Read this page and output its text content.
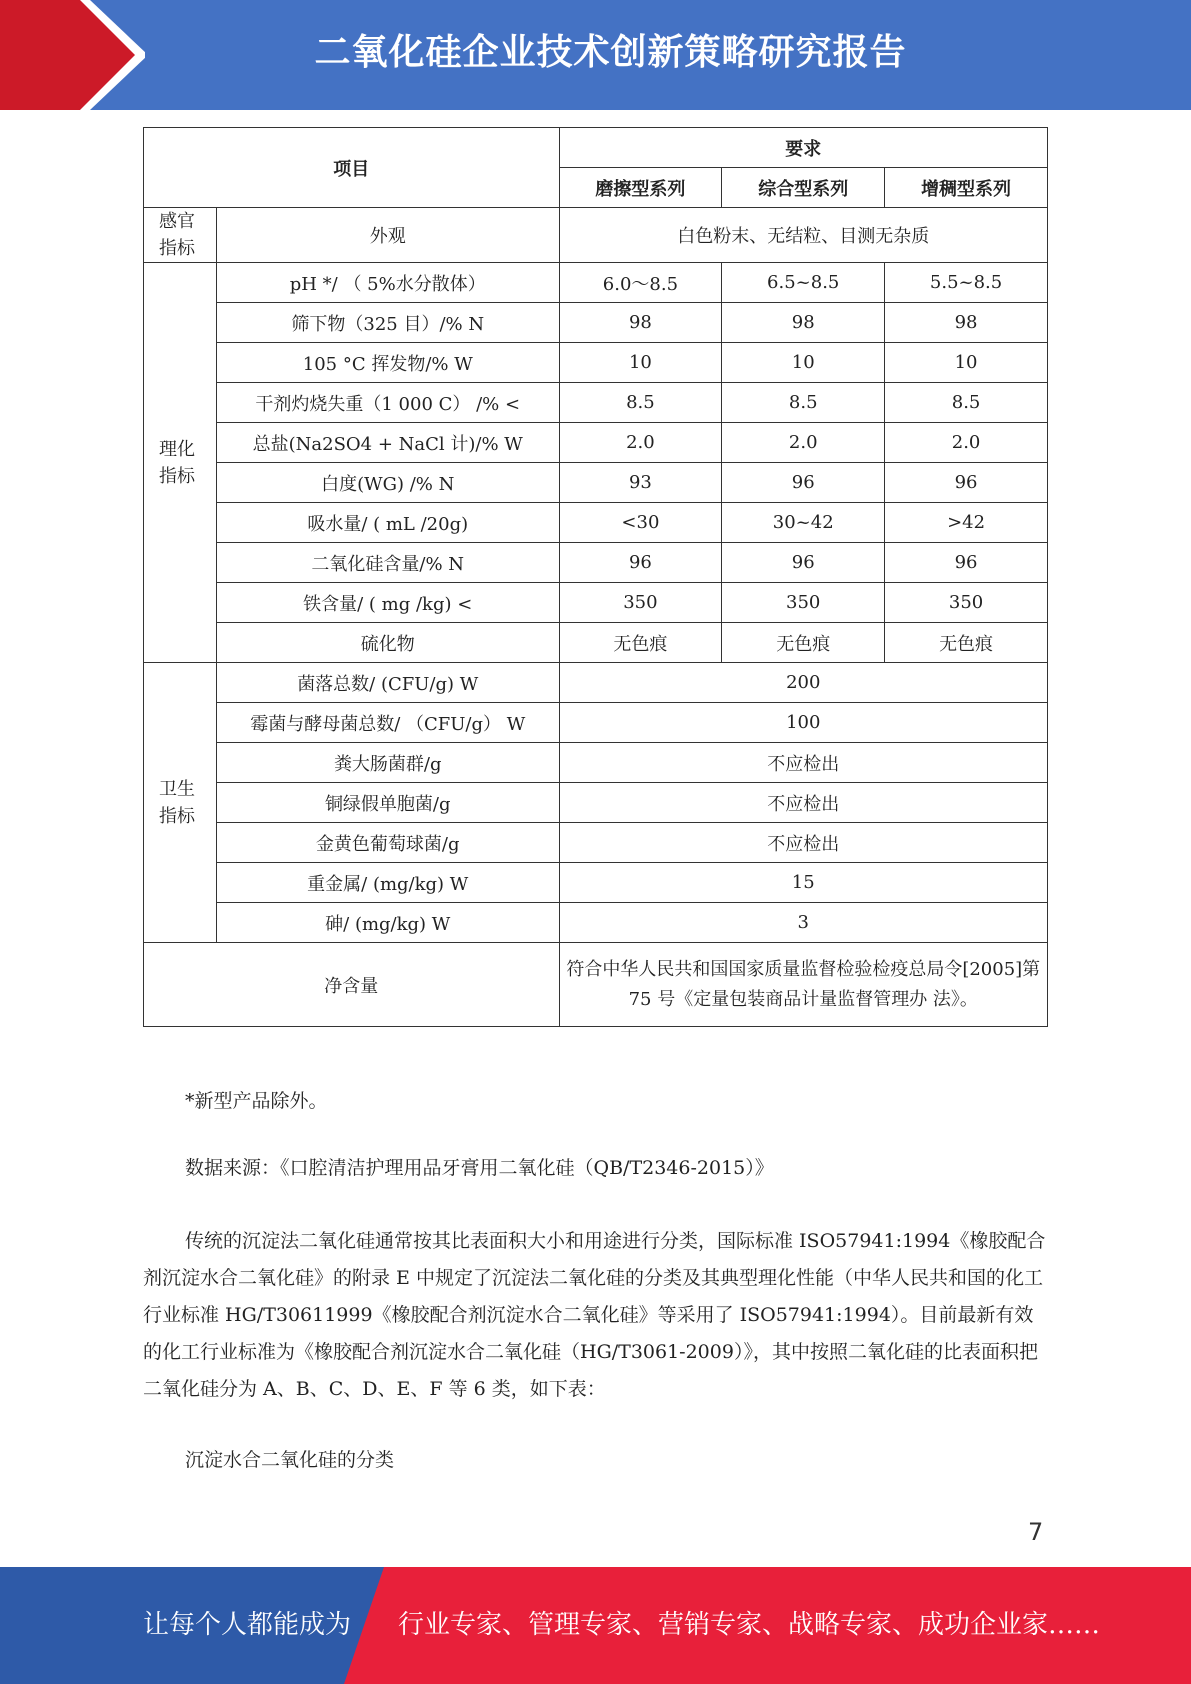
二氧化硅企业技术创新策略研究报告
项目		要求		
		磨擦型系列	综合型系列	增稠型系列
感官指标	外观	白色粉末、无结粒、目测无杂质		
理化指标	pH */ （ 5%水分散体）	6.0～8.5	6.5~8.5	5.5~8.5
	筛下物（325 目）/% N	98	98	98
	105 °C 挥发物/% W	10	10	10
	干剂灼烧失重（1 000 C） /% <	8.5	8.5	8.5
	总盐(Na2SO4 + NaCl 计)/% W	2.0	2.0	2.0
	白度(WG) /% N	93	96	96
	吸水量/ ( mL /20g)	<30	30~42	>42
	二氧化硅含量/% N	96	96	96
	铁含量/ ( mg /kg) <	350	350	350
	硫化物	无色痕	无色痕	无色痕
卫生指标	菌落总数/ (CFU/g) W	200		
	霉菌与酵母菌总数/ （CFU/g） W	100		
	粪大肠菌群/g	不应检出		
	铜绿假单胞菌/g	不应检出		
	金黄色葡萄球菌/g	不应检出		
	重金属/ (mg/kg) W	15		
	砷/ (mg/kg) W	3		
净含量		符合中华人民共和国国家质量监督检验检疫总局令[2005]第 75 号《定量包装商品计量监督管理办 法》。		
*新型产品除外。
数据来源：《口腔清洁护理用品牙膏用二氧化硅（QB/T2346-2015）》
传统的沉淀法二氧化硅通常按其比表面积大小和用途进行分类，国际标准 ISO57941:1994《橡胶配合剂沉淀水合二氧化硅》的附录 E 中规定了沉淀法二氧化硅的分类及其典型理化性能（中华人民共和国的化工行业标准 HG/T30611999《橡胶配合剂沉淀水合二氧化硅》等采用了 ISO57941:1994）。目前最新有效的化工行业标准为《橡胶配合剂沉淀水合二氧化硅（HG/T3061-2009）》，其中按照二氧化硅的比表面积把二氧化硅分为 A、B、C、D、E、F 等 6 类，如下表：
沉淀水合二氧化硅的分类
7
让每个人都能成为 行业专家、管理专家、营销专家、战略专家、成功企业家……
